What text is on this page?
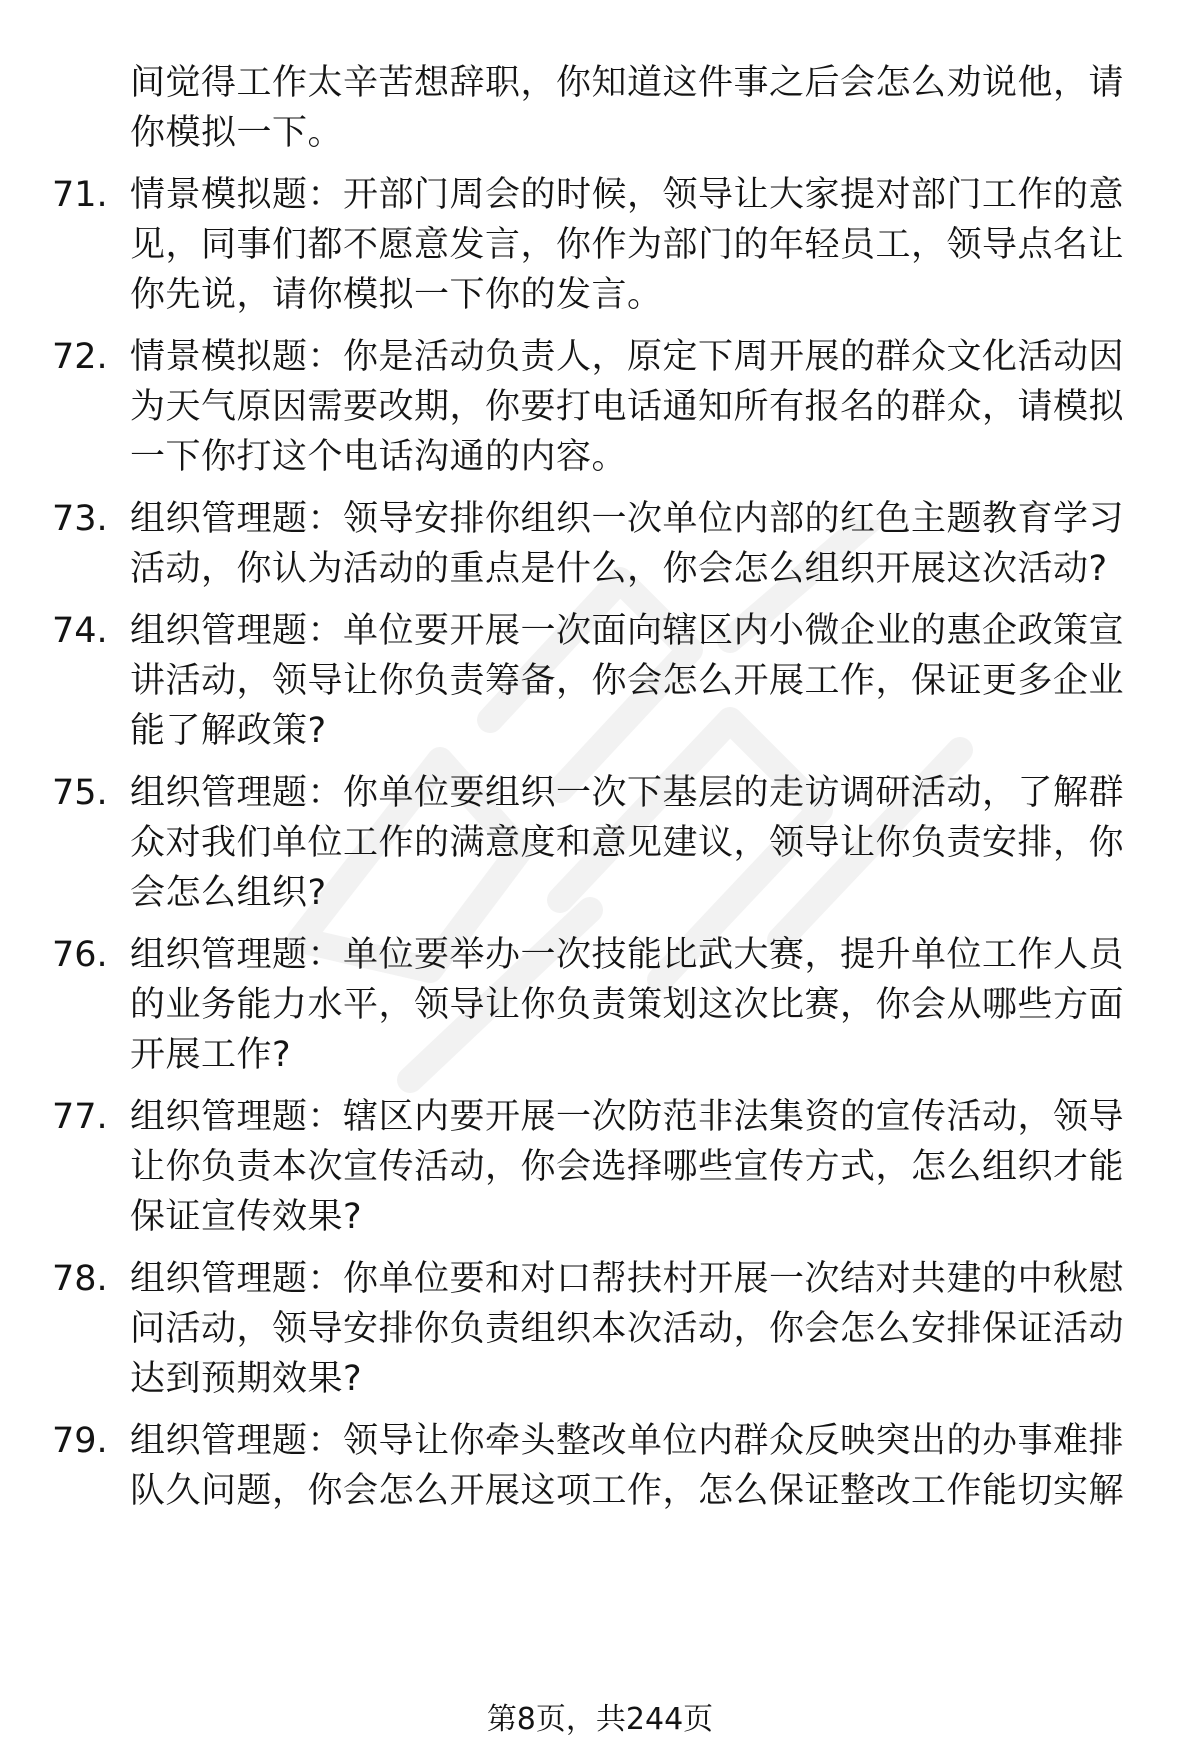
间觉得工作太辛苦想辞职，你知道这件事之后会怎么劝说他，请你模拟一下。
71. 情景模拟题：开部门周会的时候，领导让大家提对部门工作的意见，同事们都不愿意发言，你作为部门的年轻员工，领导点名让你先说，请你模拟一下你的发言。
72. 情景模拟题：你是活动负责人，原定下周开展的群众文化活动因为天气原因需要改期，你要打电话通知所有报名的群众，请模拟一下你打这个电话沟通的内容。
73. 组织管理题：领导安排你组织一次单位内部的红色主题教育学习活动，你认为活动的重点是什么，你会怎么组织开展这次活动?
74. 组织管理题：单位要开展一次面向辖区内小微企业的惠企政策宣讲活动，领导让你负责筹备，你会怎么开展工作，保证更多企业能了解政策?
75. 组织管理题：你单位要组织一次下基层的走访调研活动，了解群众对我们单位工作的满意度和意见建议，领导让你负责安排，你会怎么组织?
76. 组织管理题：单位要举办一次技能比武大赛，提升单位工作人员的业务能力水平，领导让你负责策划这次比赛，你会从哪些方面开展工作?
77. 组织管理题：辖区内要开展一次防范非法集资的宣传活动，领导让你负责本次宣传活动，你会选择哪些宣传方式，怎么组织才能保证宣传效果?
78. 组织管理题：你单位要和对口帮扶村开展一次结对共建的中秋慰问活动，领导安排你负责组织本次活动，你会怎么安排保证活动达到预期效果?
79. 组织管理题：领导让你牵头整改单位内群众反映突出的办事难排队久问题，你会怎么开展这项工作，怎么保证整改工作能切实解
第8页，共244页
